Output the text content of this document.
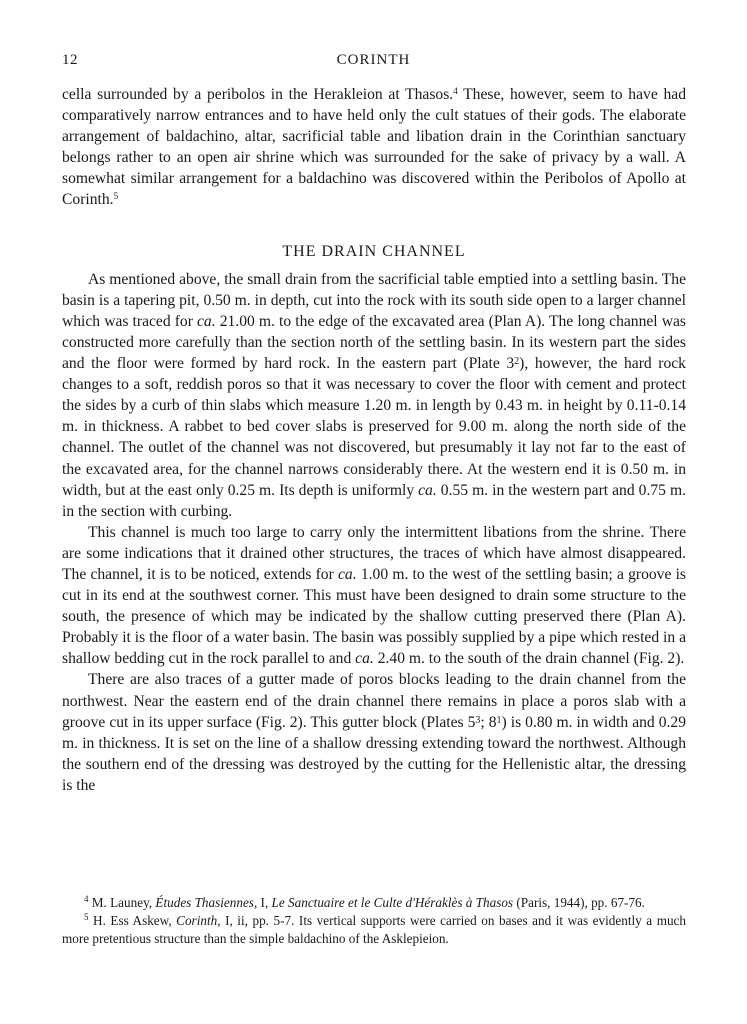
12	CORINTH

cella surrounded by a peribolos in the Herakleion at Thasos.$^4$ These, however, seem to have had comparatively narrow entrances and to have held only the cult statues of their gods. The elaborate arrangement of baldachino, altar, sacrificial table and libation drain in the Corinthian sanctuary belongs rather to an open air shrine which was surrounded for the sake of privacy by a wall. A somewhat similar arrangement for a baldachino was discovered within the Peribolos of Apollo at Corinth.$^5$

THE DRAIN CHANNEL

As mentioned above, the small drain from the sacrificial table emptied into a settling basin. The basin is a tapering pit, 0.50 m. in depth, cut into the rock with its south side open to a larger channel which was traced for ca. 21.00 m. to the edge of the excavated area (Plan A). The long channel was constructed more carefully than the section north of the settling basin. In its western part the sides and the floor were formed by hard rock. In the eastern part (Plate 3$^2$), however, the hard rock changes to a soft, reddish poros so that it was necessary to cover the floor with cement and protect the sides by a curb of thin slabs which measure 1.20 m. in length by 0.43 m. in height by 0.11-0.14 m. in thickness. A rabbet to bed cover slabs is preserved for 9.00 m. along the north side of the channel. The outlet of the channel was not discovered, but presumably it lay not far to the east of the excavated area, for the channel narrows considerably there. At the western end it is 0.50 m. in width, but at the east only 0.25 m. Its depth is uniformly ca. 0.55 m. in the western part and 0.75 m. in the section with curbing.

This channel is much too large to carry only the intermittent libations from the shrine. There are some indications that it drained other structures, the traces of which have almost disappeared. The channel, it is to be noticed, extends for ca. 1.00 m. to the west of the settling basin; a groove is cut in its end at the southwest corner. This must have been designed to drain some structure to the south, the presence of which may be indicated by the shallow cutting preserved there (Plan A). Probably it is the floor of a water basin. The basin was possibly supplied by a pipe which rested in a shallow bedding cut in the rock parallel to and ca. 2.40 m. to the south of the drain channel (Fig. 2).

There are also traces of a gutter made of poros blocks leading to the drain channel from the northwest. Near the eastern end of the drain channel there remains in place a poros slab with a groove cut in its upper surface (Fig. 2). This gutter block (Plates 5$^3$; 8$^1$) is 0.80 m. in width and 0.29 m. in thickness. It is set on the line of a shallow dressing extending toward the northwest. Although the southern end of the dressing was destroyed by the cutting for the Hellenistic altar, the dressing is the

$^4$ M. Launey, Études Thasiennes, I, Le Sanctuaire et le Culte d'Héraklès à Thasos (Paris, 1944), pp. 67-76.

$^5$ H. Ess Askew, Corinth, I, ii, pp. 5-7. Its vertical supports were carried on bases and it was evidently a much more pretentious structure than the simple baldachino of the Asklepieion.
